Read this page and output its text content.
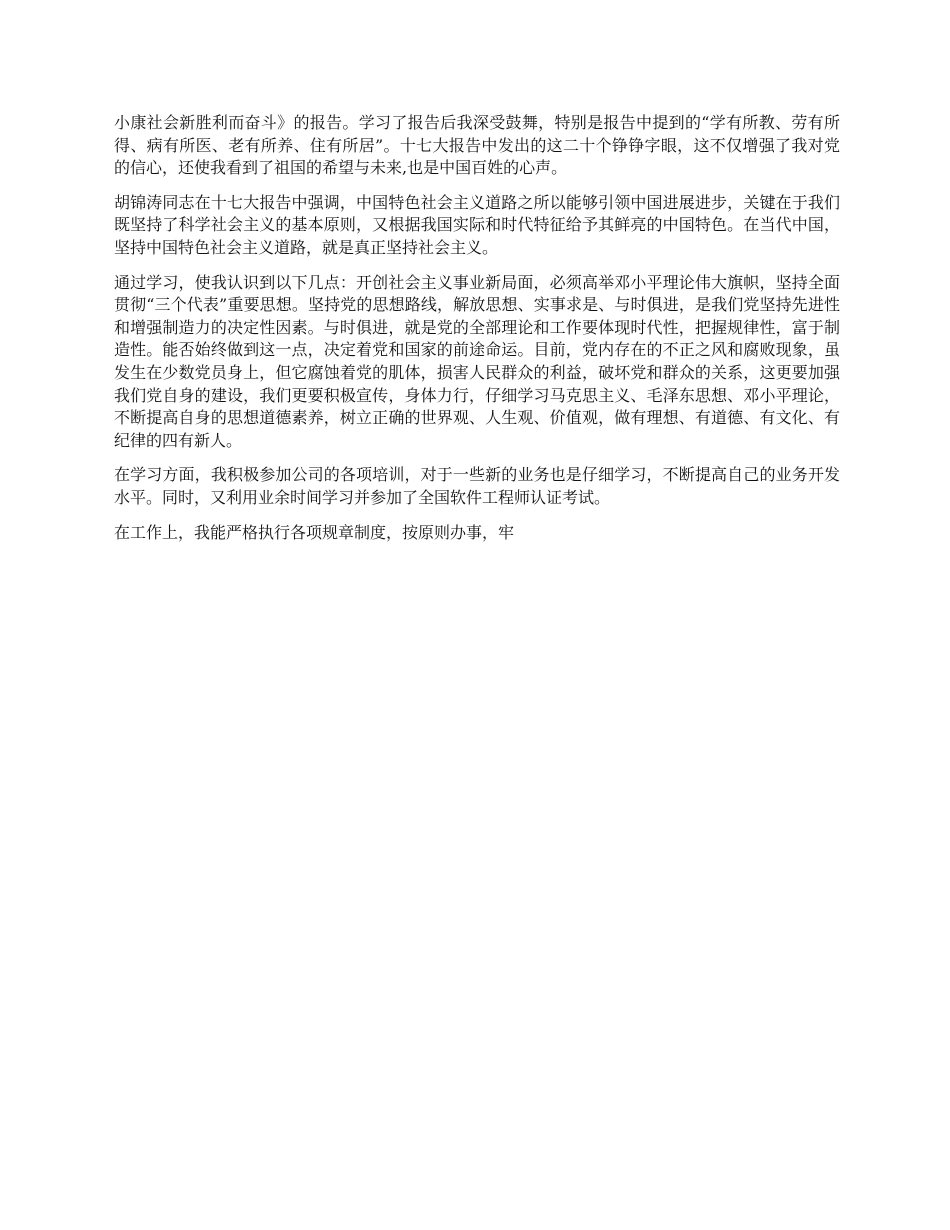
小康社会新胜利而奋斗》的报告。学习了报告后我深受鼓舞，特别是报告中提到的“学有所教、劳有所得、病有所医、老有所养、住有所居”。十七大报告中发出的这二十个铮铮字眼，这不仅增强了我对党的信心，还使我看到了祖国的希望与未来,也是中国百姓的心声。

胡锦涛同志在十七大报告中强调，中国特色社会主义道路之所以能够引领中国进展进步，关键在于我们既坚持了科学社会主义的基本原则，又根据我国实际和时代特征给予其鲜亮的中国特色。在当代中国，坚持中国特色社会主义道路，就是真正坚持社会主义。

通过学习，使我认识到以下几点：开创社会主义事业新局面，必须高举邓小平理论伟大旗帜，坚持全面贯彻“三个代表”重要思想。坚持党的思想路线，解放思想、实事求是、与时俱进，是我们党坚持先进性和增强制造力的决定性因素。与时俱进，就是党的全部理论和工作要体现时代性，把握规律性，富于制造性。能否始终做到这一点，决定着党和国家的前途命运。目前，党内存在的不正之风和腐败现象，虽发生在少数党员身上，但它腐蚀着党的肌体，损害人民群众的利益，破坏党和群众的关系，这更要加强我们党自身的建设，我们更要积极宣传，身体力行，仔细学习马克思主义、毛泽东思想、邓小平理论，不断提高自身的思想道德素养，树立正确的世界观、人生观、价值观，做有理想、有道德、有文化、有纪律的四有新人。

在学习方面，我积极参加公司的各项培训，对于一些新的业务也是仔细学习，不断提高自己的业务开发水平。同时，又利用业余时间学习并参加了全国软件工程师认证考试。

在工作上，我能严格执行各项规章制度，按原则办事，牢
